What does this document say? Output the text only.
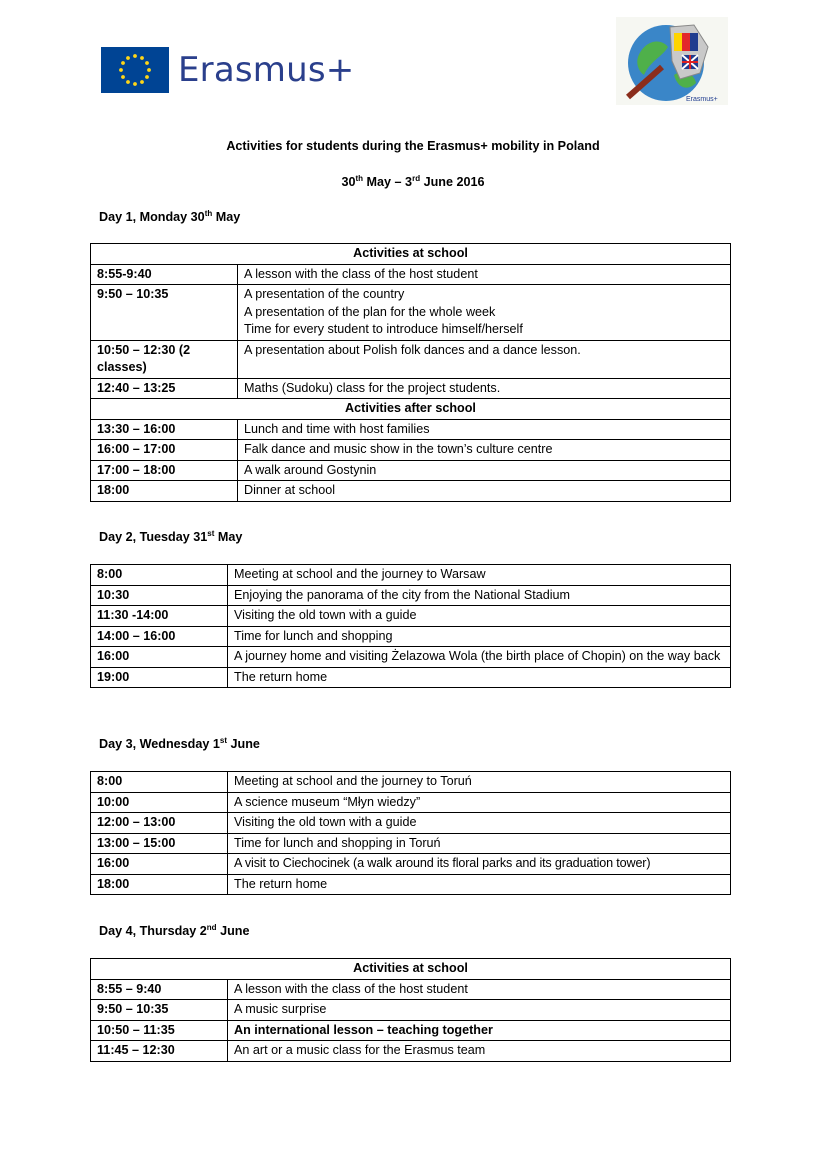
Erasmus+
Erasmus+
Activities for students during the Erasmus+ mobility in Poland
30th May – 3rd June 2016
Day 1, Monday 30th May
Activities at school	
8:55-9:40	A lesson with the class of the host student

9:50 – 10:35	A presentation of the country
A presentation of the plan for the whole week
Time for every student to introduce himself/herself

10:50 – 12:30 (2 classes)	A presentation about Polish folk dances and a dance lesson.

12:40 – 13:25	Maths (Sudoku) class for the project students.

Activities after school	
13:30 – 16:00	Lunch and time with host families

16:00 – 17:00	Falk dance and music show in the town’s culture centre

17:00 – 18:00	A walk around Gostynin

18:00	Dinner at school
Day 2, Tuesday 31st May
8:00	Meeting at school and the journey to Warsaw
10:30	Enjoying the panorama of the city from the National Stadium
11:30 -14:00	Visiting the old town with a guide
14:00 – 16:00	Time for lunch and shopping
16:00	A journey home and visiting Żelazowa Wola (the birth place of Chopin) on the way back
19:00	The return home
Day 3, Wednesday 1st June
8:00	Meeting at school and the journey to Toruń
10:00	A science museum “Młyn wiedzy”
12:00 – 13:00	Visiting the old town with a guide
13:00 – 15:00	Time for lunch and shopping in Toruń
16:00	A visit to Ciechocinek (a walk around its floral parks and its graduation tower)
18:00	The return home
Day 4, Thursday 2nd June
Activities at school	
8:55 – 9:40	A lesson with the class of the host student
9:50 – 10:35	A music surprise
10:50 – 11:35	An international lesson – teaching together
11:45 – 12:30	An art or a music class for the Erasmus team
